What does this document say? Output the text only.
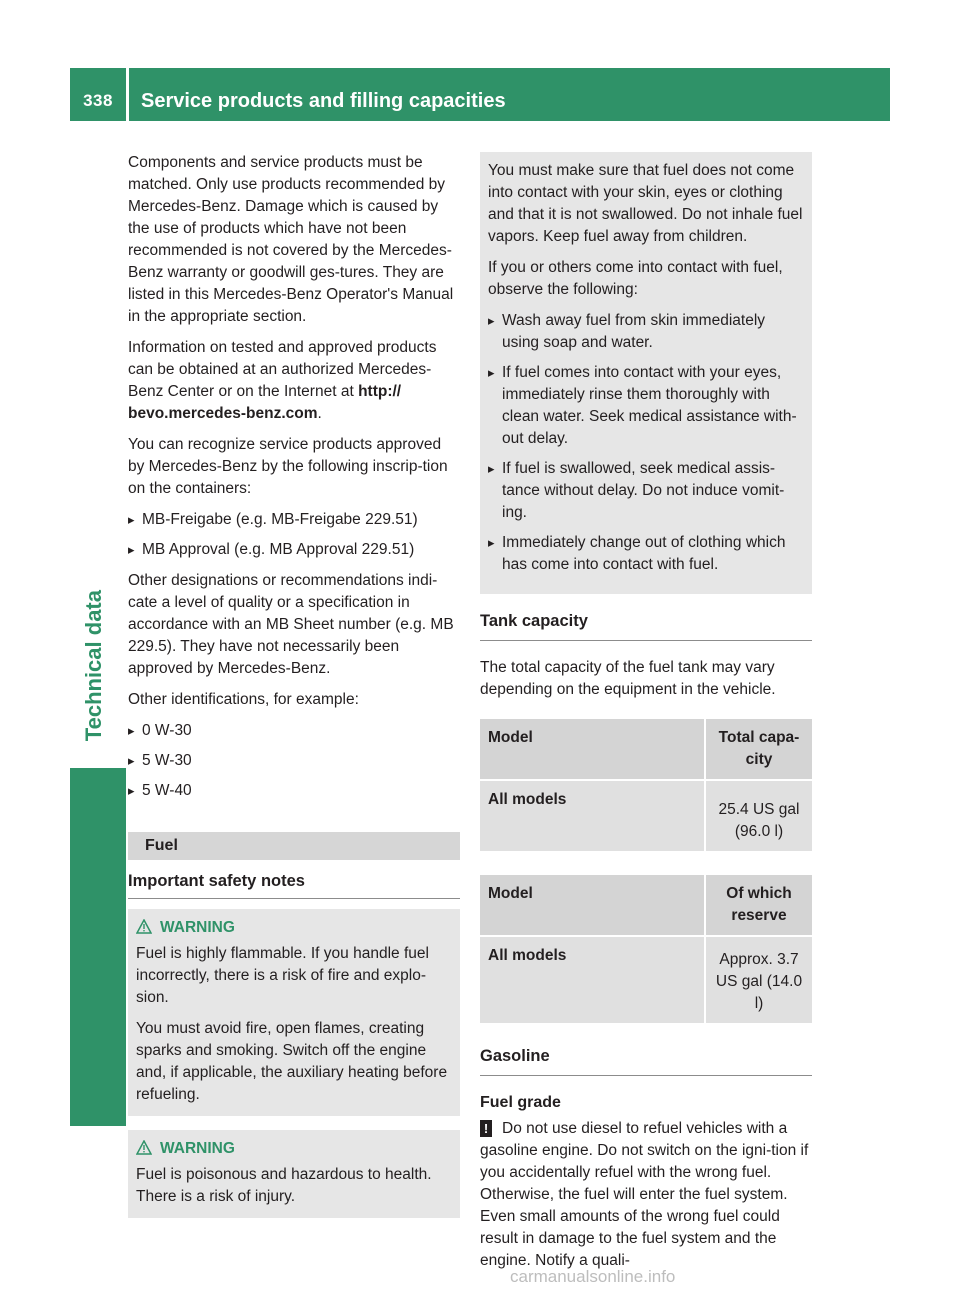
338	Service products and filling capacities
Technical data

Components and service products must be matched. Only use products recommended by Mercedes-Benz. Damage which is caused by the use of products which have not been recommended is not covered by the Mercedes-Benz warranty or goodwill ges-tures. They are listed in this Mercedes-Benz Operator's Manual in the appropriate section.

Information on tested and approved products can be obtained at an authorized Mercedes-Benz Center or on the Internet at http:// bevo.mercedes-benz.com.

You can recognize service products approved by Mercedes-Benz by the following inscrip-tion on the containers:

▸ MB-Freigabe (e.g. MB-Freigabe 229.51)
▸ MB Approval (e.g. MB Approval 229.51)

Other designations or recommendations indi-cate a level of quality or a specification in accordance with an MB Sheet number (e.g. MB 229.5). They have not necessarily been approved by Mercedes-Benz.

Other identifications, for example:

▸ 0 W-30
▸ 5 W-30
▸ 5 W-40
Fuel
Important safety notes
WARNING

Fuel is highly flammable. If you handle fuel incorrectly, there is a risk of fire and explo-sion.

You must avoid fire, open flames, creating sparks and smoking. Switch off the engine and, if applicable, the auxiliary heating before refueling.

WARNING

Fuel is poisonous and hazardous to health. There is a risk of injury.

You must make sure that fuel does not come into contact with your skin, eyes or clothing and that it is not swallowed. Do not inhale fuel vapors. Keep fuel away from children.

If you or others come into contact with fuel, observe the following:

▸ Wash away fuel from skin immediately using soap and water.
▸ If fuel comes into contact with your eyes, immediately rinse them thoroughly with clean water. Seek medical assistance with-out delay.
▸ If fuel is swallowed, seek medical assis-tance without delay. Do not induce vomit-ing.
▸ Immediately change out of clothing which has come into contact with fuel.
Tank capacity

The total capacity of the fuel tank may vary depending on the equipment in the vehicle.

Model	Total capa-city
All models	25.4 US gal (96.0 l)
Model	Of which reserve
All models	Approx. 3.7 US gal (14.0 l)
Gasoline
Fuel grade

! Do not use diesel to refuel vehicles with a gasoline engine. Do not switch on the igni-tion if you accidentally refuel with the wrong fuel. Otherwise, the fuel will enter the fuel system. Even small amounts of the wrong fuel could result in damage to the fuel system and the engine. Notify a quali-

carmanualsonline.info
